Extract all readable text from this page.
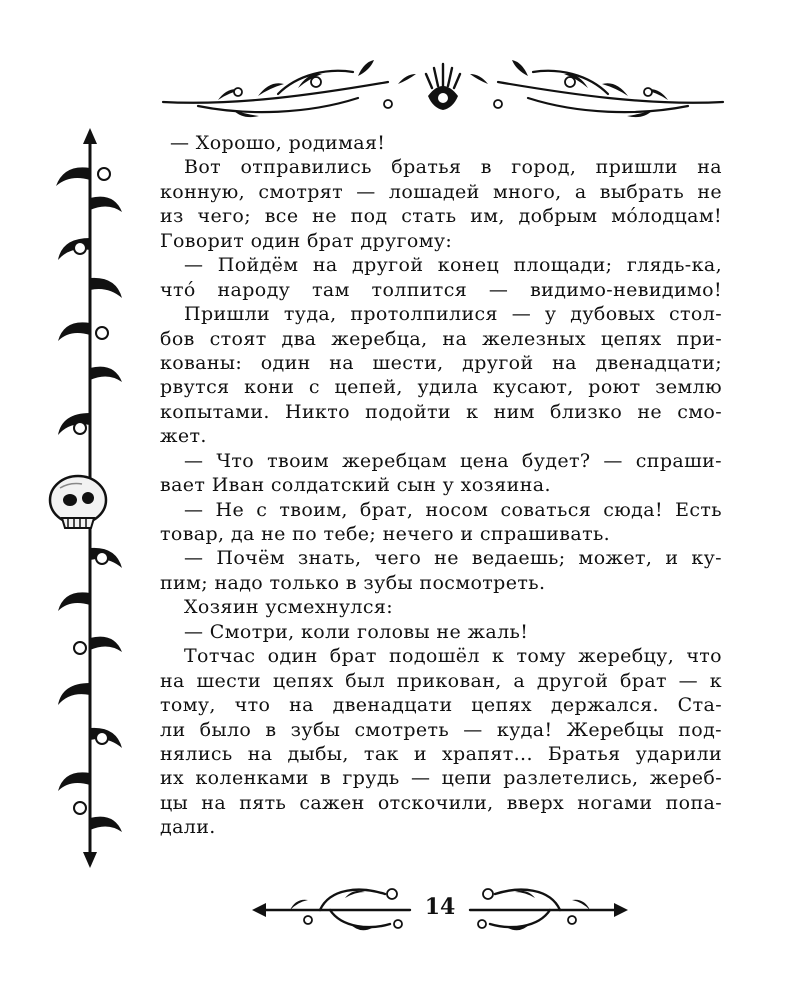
— Хорошо, родимая!
Вот отправились братья в город, пришли на
конную, смотрят — лошадей много, а выбрать не
из чего; все не под стать им, добрым мóлодцам!
Говорит один брат другому:
— Пойдём на другой конец площади; глядь-ка,
чтó народу там толпится — видимо-невидимо!
Пришли туда, протолпилися — у дубовых стол-
бов стоят два жеребца, на железных цепях при-
кованы: один на шести, другой на двенадцати;
рвутся кони с цепей, удила кусают, роют землю
копытами. Никто подойти к ним близко не смо-
жет.
— Что твоим жеребцам цена будет? — спраши-
вает Иван солдатский сын у хозяина.
— Не с твоим, брат, носом соваться сюда! Есть
товар, да не по тебе; нечего и спрашивать.
— Почём знать, чего не ведаешь; может, и ку-
пим; надо только в зубы посмотреть.
Хозяин усмехнулся:
— Смотри, коли головы не жаль!
Тотчас один брат подошёл к тому жеребцу, что
на шести цепях был прикован, а другой брат — к
тому, что на двенадцати цепях держался. Ста-
ли было в зубы смотреть — куда! Жеребцы под-
нялись на дыбы, так и храпят... Братья ударили
их коленками в грудь — цепи разлетелись, жереб-
цы на пять сажен отскочили, вверх ногами попа-
дали.
14
